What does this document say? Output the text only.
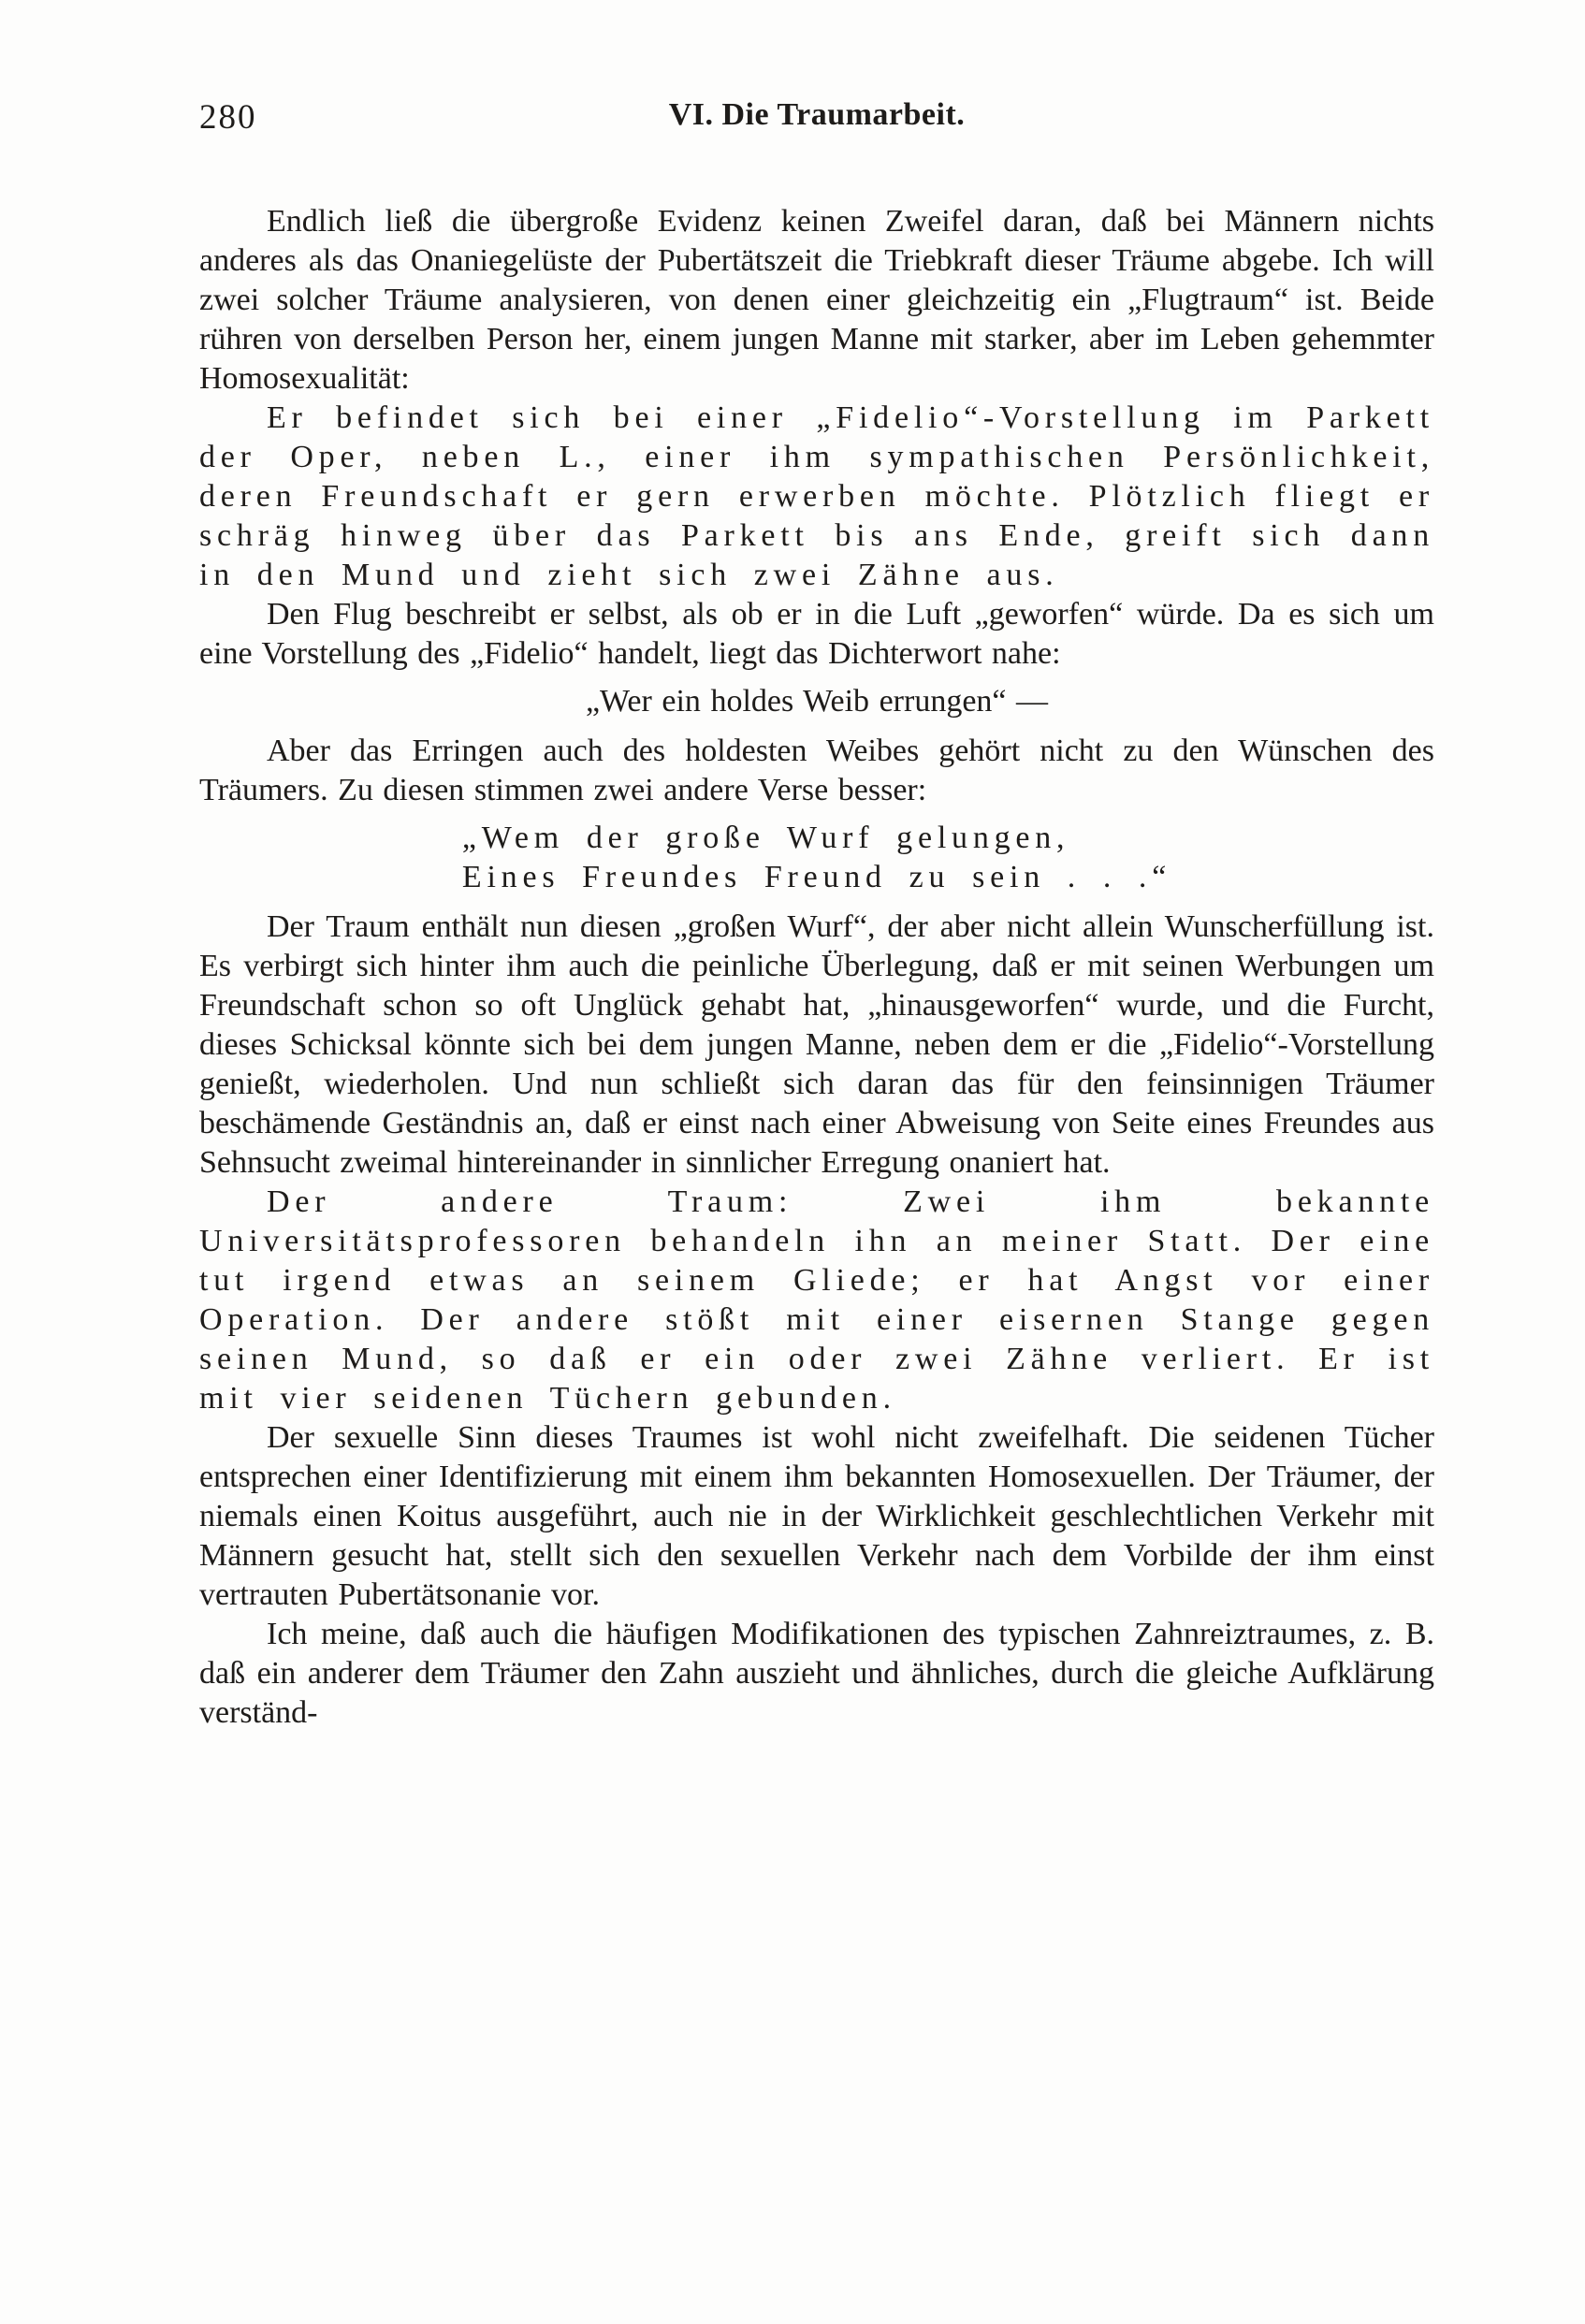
280	VI. Die Traumarbeit.

Endlich ließ die übergroße Evidenz keinen Zweifel daran, daß bei Männern nichts anderes als das Onaniegelüste der Pubertätszeit die Triebkraft dieser Träume abgebe. Ich will zwei solcher Träume analysieren, von denen einer gleichzeitig ein „Flugtraum“ ist. Beide rühren von derselben Person her, einem jungen Manne mit starker, aber im Leben gehemmter Homosexualität:

Er befindet sich bei einer „Fidelio“-Vorstellung im Parkett der Oper, neben L., einer ihm sympathischen Persönlichkeit, deren Freundschaft er gern erwerben möchte. Plötzlich fliegt er schräg hinweg über das Parkett bis ans Ende, greift sich dann in den Mund und zieht sich zwei Zähne aus.

Den Flug beschreibt er selbst, als ob er in die Luft „geworfen“ würde. Da es sich um eine Vorstellung des „Fidelio“ handelt, liegt das Dichterwort nahe:

„Wer ein holdes Weib errungen“ —

Aber das Erringen auch des holdesten Weibes gehört nicht zu den Wünschen des Träumers. Zu diesen stimmen zwei andere Verse besser:

„Wem der große Wurf gelungen,
Eines Freundes Freund zu sein . . .“

Der Traum enthält nun diesen „großen Wurf“, der aber nicht allein Wunscherfüllung ist. Es verbirgt sich hinter ihm auch die peinliche Überlegung, daß er mit seinen Werbungen um Freundschaft schon so oft Unglück gehabt hat, „hinausgeworfen“ wurde, und die Furcht, dieses Schicksal könnte sich bei dem jungen Manne, neben dem er die „Fidelio“-Vorstellung genießt, wiederholen. Und nun schließt sich daran das für den feinsinnigen Träumer beschämende Geständnis an, daß er einst nach einer Abweisung von Seite eines Freundes aus Sehnsucht zweimal hintereinander in sinnlicher Erregung onaniert hat.

Der andere Traum: Zwei ihm bekannte Universitätsprofessoren behandeln ihn an meiner Statt. Der eine tut irgend etwas an seinem Gliede; er hat Angst vor einer Operation. Der andere stößt mit einer eisernen Stange gegen seinen Mund, so daß er ein oder zwei Zähne verliert. Er ist mit vier seidenen Tüchern gebunden.

Der sexuelle Sinn dieses Traumes ist wohl nicht zweifelhaft. Die seidenen Tücher entsprechen einer Identifizierung mit einem ihm bekannten Homosexuellen. Der Träumer, der niemals einen Koitus ausgeführt, auch nie in der Wirklichkeit geschlechtlichen Verkehr mit Männern gesucht hat, stellt sich den sexuellen Verkehr nach dem Vorbilde der ihm einst vertrauten Pubertätsonanie vor.

Ich meine, daß auch die häufigen Modifikationen des typischen Zahnreiztraumes, z. B. daß ein anderer dem Träumer den Zahn auszieht und ähnliches, durch die gleiche Aufklärung verständ-
